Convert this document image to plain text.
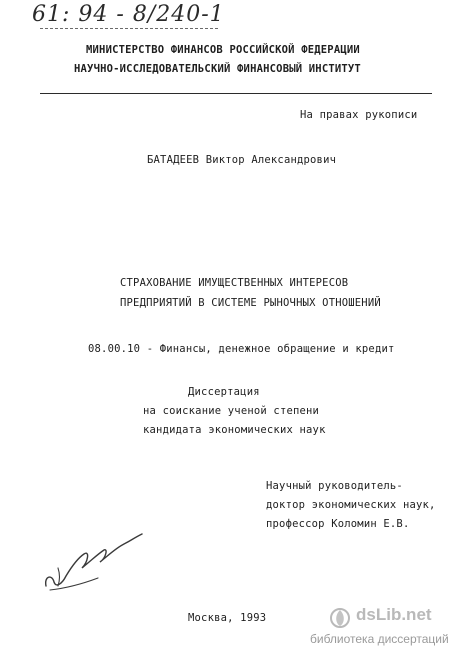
61: 94 - 8/240-1
МИНИСТЕРСТВО ФИНАНСОВ РОССИЙСКОЙ ФЕДЕРАЦИИ
НАУЧНО-ИССЛЕДОВАТЕЛЬСКИЙ ФИНАНСОВЫЙ ИНСТИТУТ
На правах рукописи
БАТАДЕЕВ Виктор Александрович
СТРАХОВАНИЕ ИМУЩЕСТВЕННЫХ ИНТЕРЕСОВ
ПРЕДПРИЯТИЙ В СИСТЕМЕ РЫНОЧНЫХ ОТНОШЕНИЙ
08.00.10 - Финансы, денежное обращение и кредит
Диссертация
на соискание ученой степени
кандидата экономических наук
Научный руководитель-
доктор экономических наук,
профессор Коломин Е.В.
Москва, 1993	dsLib.net
библиотека диссертаций
